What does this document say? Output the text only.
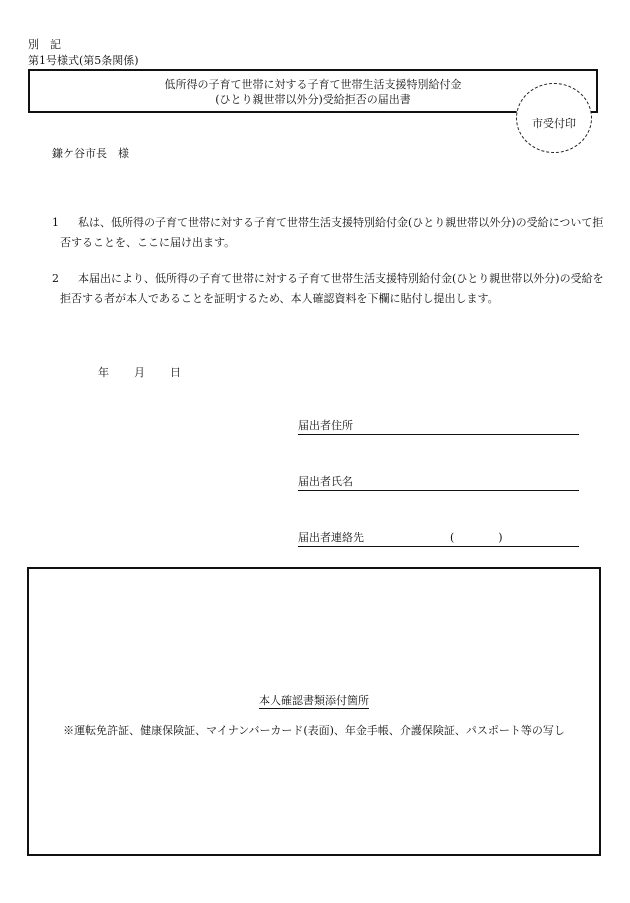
別　記
第1号様式(第5条関係)
低所得の子育て世帯に対する子育て世帯生活支援特別給付金
(ひとり親世帯以外分)受給拒否の届出書
市受付印
鎌ケ谷市長　様
1	私は、低所得の子育て世帯に対する子育て世帯生活支援特別給付金(ひとり親世帯以外分)の受給について拒否することを、ここに届け出ます。
2	本届出により、低所得の子育て世帯に対する子育て世帯生活支援特別給付金(ひとり親世帯以外分)の受給を拒否する者が本人であることを証明するため、本人確認資料を下欄に貼付し提出します。
年 月 日
届出者住所
届出者氏名
届出者連絡先	(　　　　)
本人確認書類添付箇所
※運転免許証、健康保険証、マイナンバーカード(表面)、年金手帳、介護保険証、パスポート等の写し
